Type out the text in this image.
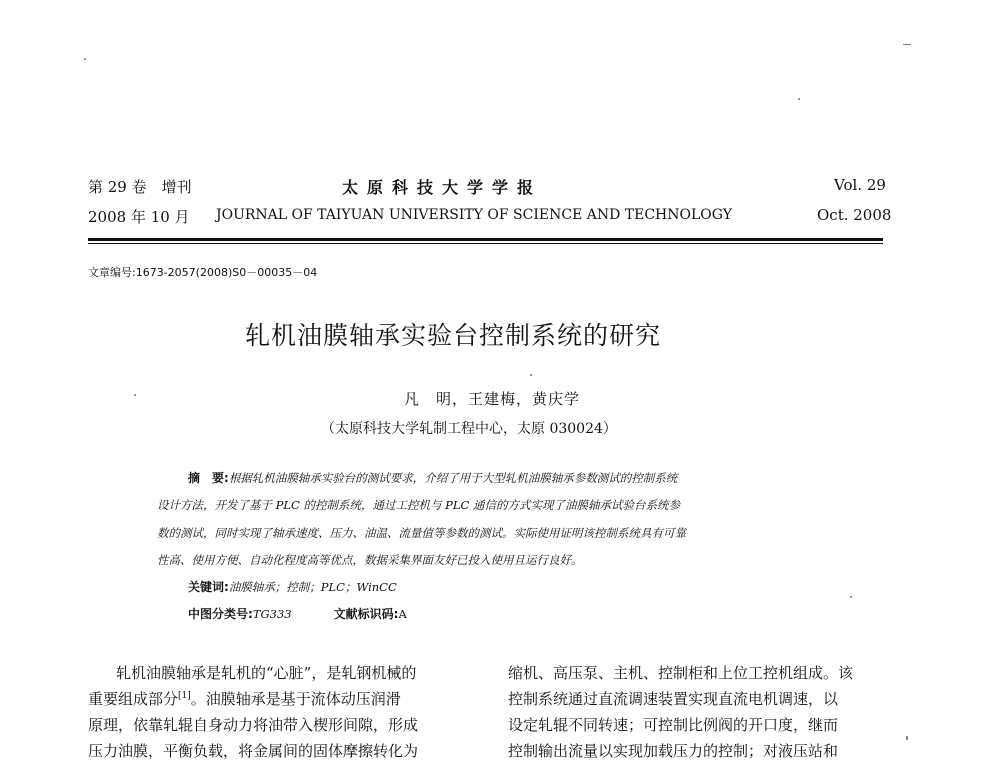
第 29 卷　增刊	太原科技大学学报	Vol. 29
2008 年 10 月 JOURNAL OF TAIYUAN UNIVERSITY OF SCIENCE AND TECHNOLOGY	Oct. 2008
文章编号:1673-2057(2008)S0－00035－04
轧机油膜轴承实验台控制系统的研究
凡　明，王建梅，黄庆学
（太原科技大学轧制工程中心，太原 030024）
摘　要:根据轧机油膜轴承实验台的测试要求，介绍了用于大型轧机油膜轴承参数测试的控制系统
设计方法，开发了基于 PLC 的控制系统，通过工控机与 PLC 通信的方式实现了油膜轴承试验台系统参
数的测试，同时实现了轴承速度、压力、油温、流量值等参数的测试。实际使用证明该控制系统具有可靠
性高、使用方便、自动化程度高等优点，数据采集界面友好已投入使用且运行良好。
关键词:油膜轴承；控制；PLC；WinCC
中图分类号:TG333	文献标识码:A
轧机油膜轴承是轧机的“心脏”，是轧钢机械的
重要组成部分[1]。油膜轴承是基于流体动压润滑
原理，依靠轧辊自身动力将油带入楔形间隙，形成
压力油膜，平衡负载，将金属间的固体摩擦转化为
缩机、高压泵、主机、控制柜和上位工控机组成。该
控制系统通过直流调速装置实现直流电机调速，以
设定轧辊不同转速；可控制比例阀的开口度，继而
控制输出流量以实现加载压力的控制；对液压站和
